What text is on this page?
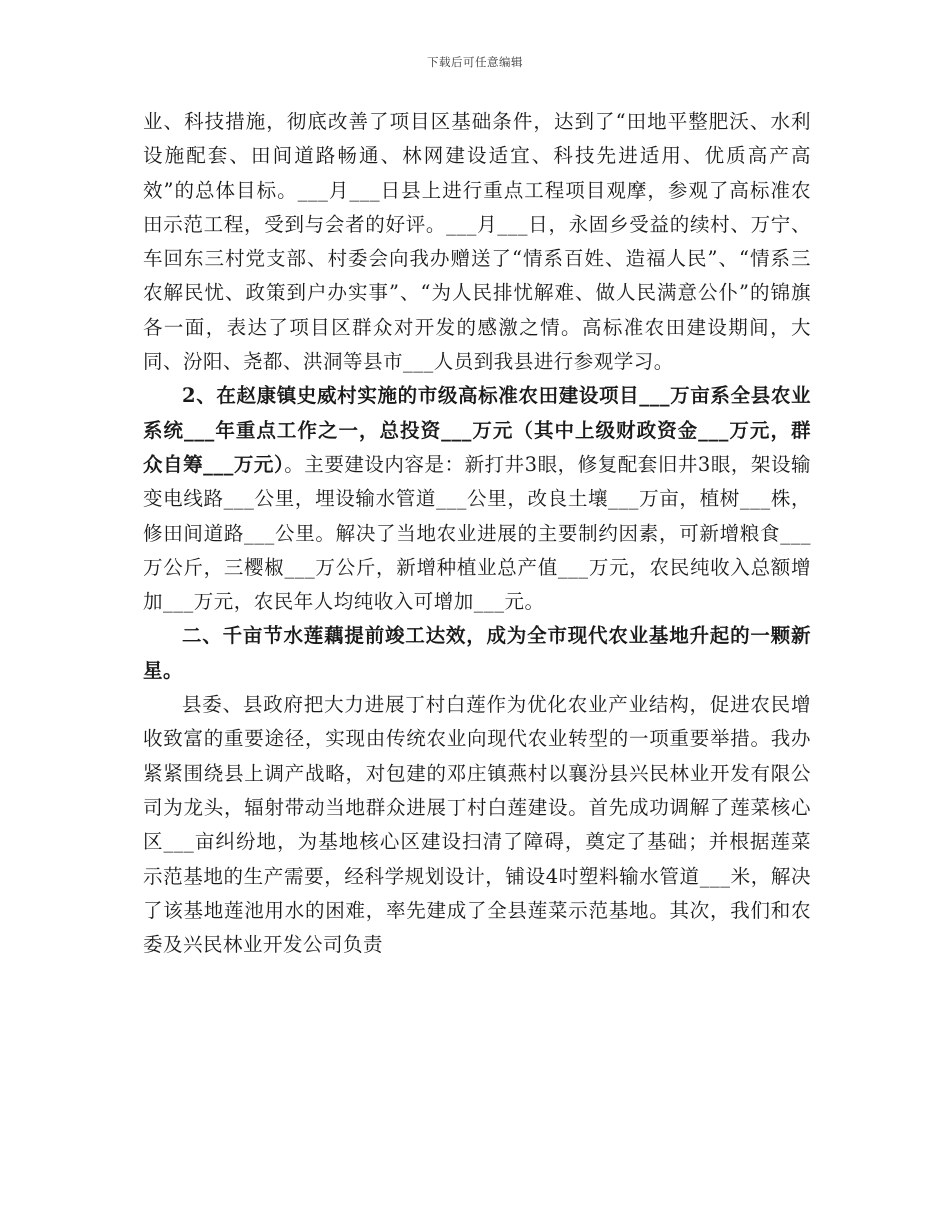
下载后可任意编辑

业、科技措施，彻底改善了项目区基础条件，达到了“田地平整肥沃、水利设施配套、田间道路畅通、林网建设适宜、科技先进适用、优质高产高效”的总体目标。___月___日县上进行重点工程项目观摩，参观了高标准农田示范工程，受到与会者的好评。___月___日，永固乡受益的续村、万宁、车回东三村党支部、村委会向我办赠送了“情系百姓、造福人民”、“情系三农解民忧、政策到户办实事”、“为人民排忧解难、做人民满意公仆”的锦旗各一面，表达了项目区群众对开发的感激之情。高标准农田建设期间，大同、汾阳、尧都、洪洞等县市___人员到我县进行参观学习。

2、在赵康镇史威村实施的市级高标准农田建设项目___万亩系全县农业系统___年重点工作之一，总投资___万元（其中上级财政资金___万元，群众自筹___万元）。主要建设内容是：新打井3眼，修复配套旧井3眼，架设输变电线路___公里，埋设输水管道___公里，改良土壤___万亩，植树___株，修田间道路___公里。解决了当地农业进展的主要制约因素，可新增粮食___万公斤，三樱椒___万公斤，新增种植业总产值___万元，农民纯收入总额增加___万元，农民年人均纯收入可增加___元。

二、千亩节水莲藕提前竣工达效，成为全市现代农业基地升起的一颗新星。

县委、县政府把大力进展丁村白莲作为优化农业产业结构，促进农民增收致富的重要途径，实现由传统农业向现代农业转型的一项重要举措。我办紧紧围绕县上调产战略，对包建的邓庄镇燕村以襄汾县兴民林业开发有限公司为龙头，辐射带动当地群众进展丁村白莲建设。首先成功调解了莲菜核心区___亩纠纷地，为基地核心区建设扫清了障碍，奠定了基础；并根据莲菜示范基地的生产需要，经科学规划设计，铺设4吋塑料输水管道___米，解决了该基地莲池用水的困难，率先建成了全县莲菜示范基地。其次，我们和农委及兴民林业开发公司负责
